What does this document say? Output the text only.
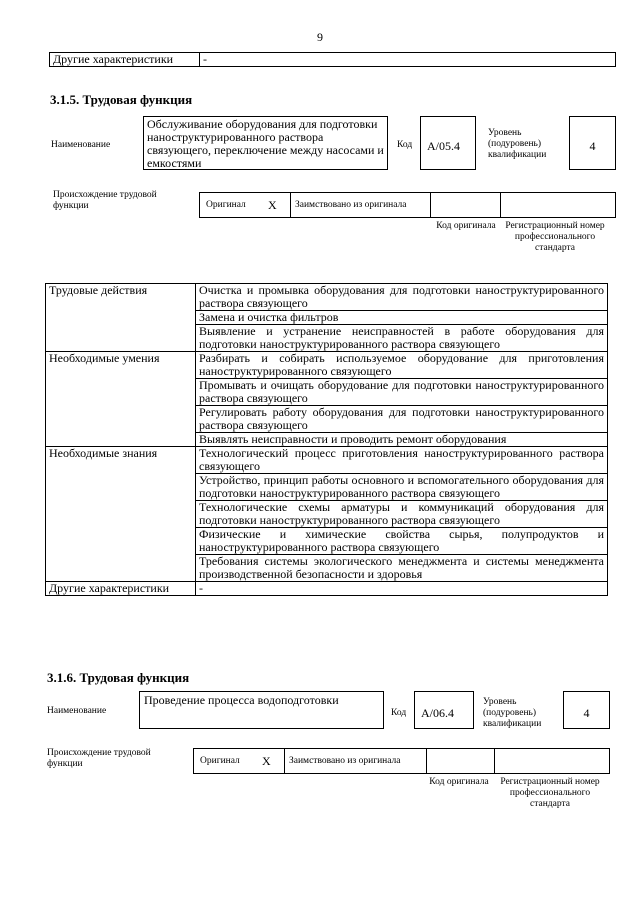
9
Другие характеристики	-
3.1.5. Трудовая функция
Наименование
Обслуживание оборудования для подготовки наноструктурированного раствора связующего, переключение между насосами и емкостями
Код	А/05.4
Уровень (подуровень) квалификации
4
Происхождение трудовой функции	Оригинал Х Заимствовано из оригинала
Код оригинала	Регистрационный номер профессионального стандарта
Трудовые действия	Очистка и промывка оборудования для подготовки наноструктурированного раствора связующего
	Замена и очистка фильтров
	Выявление и устранение неисправностей в работе оборудования для подготовки наноструктурированного раствора связующего
Необходимые умения	Разбирать и собирать используемое оборудование для приготовления наноструктурированного связующего
	Промывать и очищать оборудование для подготовки наноструктурированного раствора связующего
	Регулировать работу оборудования для подготовки наноструктурированного раствора связующего
	Выявлять неисправности и проводить ремонт оборудования
Необходимые знания	Технологический процесс приготовления наноструктурированного раствора связующего
	Устройство, принцип работы основного и вспомогательного оборудования для подготовки наноструктурированного раствора связующего
	Технологические схемы арматуры и коммуникаций оборудования для подготовки наноструктурированного раствора связующего
	Физические и химические свойства сырья, полупродуктов и наноструктурированного раствора связующего
	Требования системы экологического менеджмента и системы менеджмента производственной безопасности и здоровья
Другие характеристики	-
3.1.6. Трудовая функция
Наименование
Проведение процесса водоподготовки
Код	А/06.4
Уровень (подуровень) квалификации
4
Происхождение трудовой функции	Оригинал Х Заимствовано из оригинала
Код оригинала	Регистрационный номер профессионального стандарта
